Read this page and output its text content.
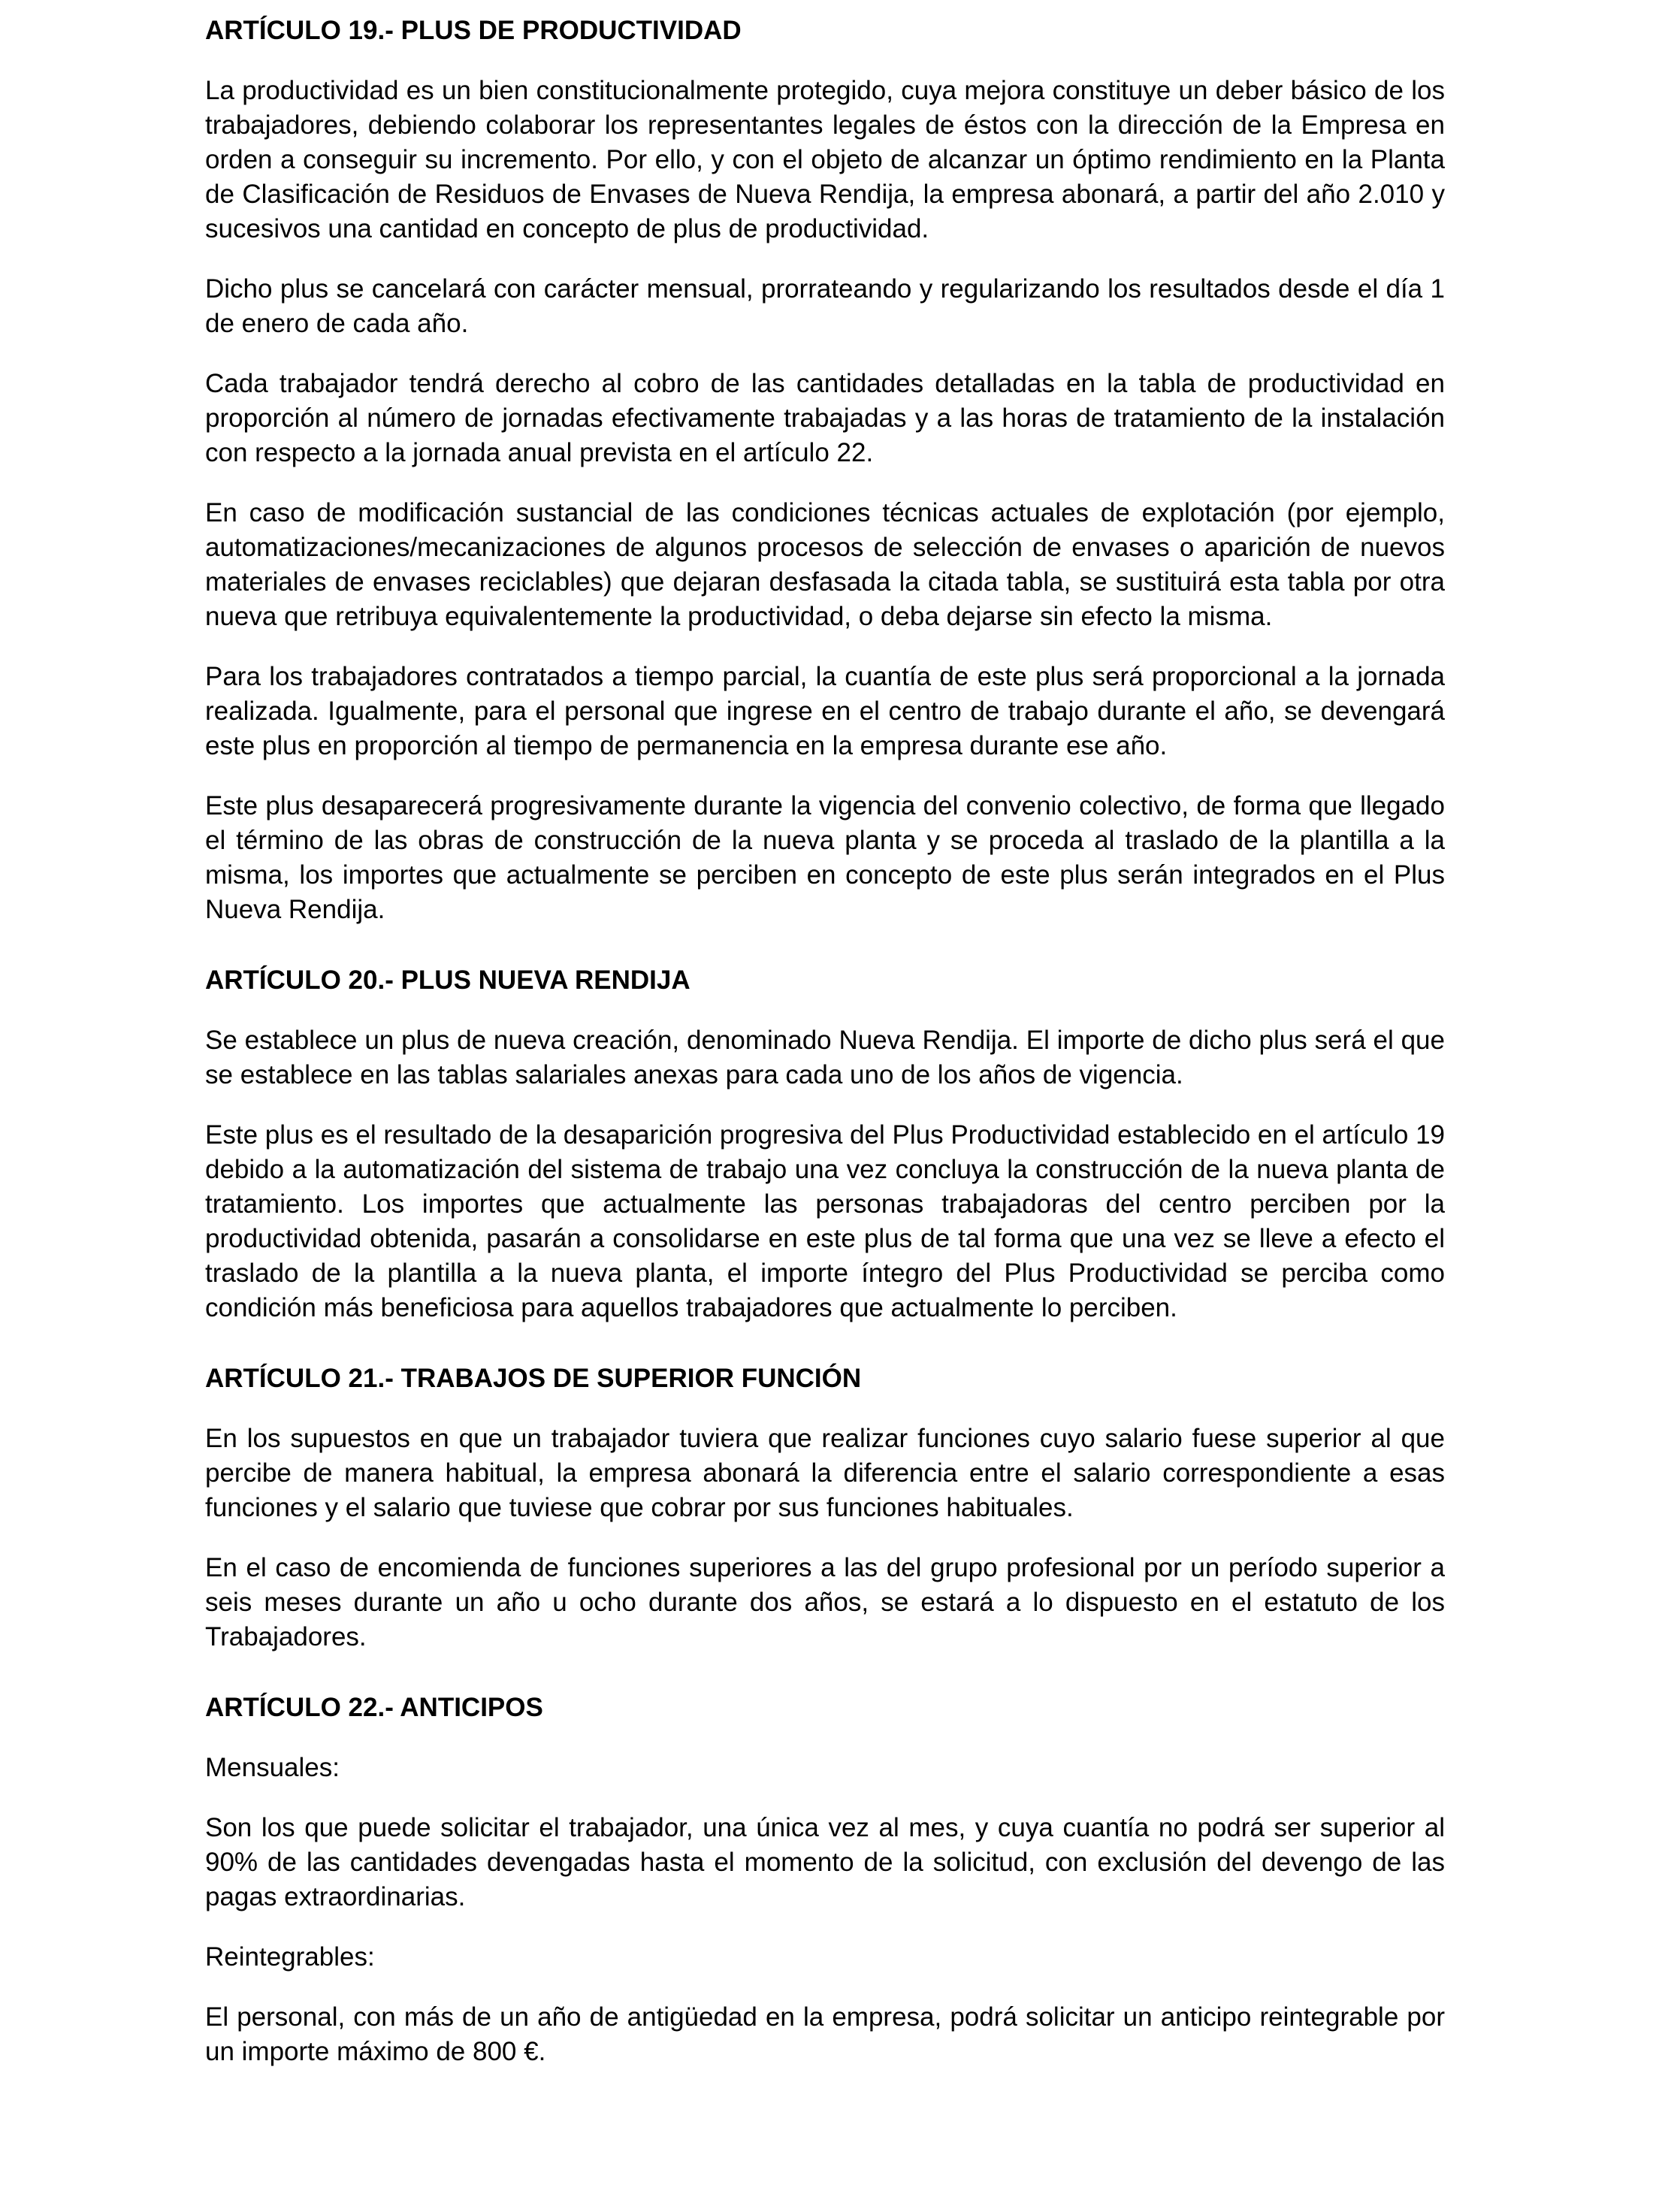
ARTÍCULO 19.- PLUS DE PRODUCTIVIDAD

La productividad es un bien constitucionalmente protegido, cuya mejora constituye un deber básico de los trabajadores, debiendo colaborar los representantes legales de éstos con la dirección de la Empresa en orden a conseguir su incremento. Por ello, y con el objeto de alcanzar un óptimo rendimiento en la Planta de Clasificación de Residuos de Envases de Nueva Rendija, la empresa abonará, a partir del año 2.010 y sucesivos una cantidad en concepto de plus de productividad.

Dicho plus se cancelará con carácter mensual, prorrateando y regularizando los resultados desde el día 1 de enero de cada año.

Cada trabajador tendrá derecho al cobro de las cantidades detalladas en la tabla de productividad en proporción al número de jornadas efectivamente trabajadas y a las horas de tratamiento de la instalación con respecto a la jornada anual prevista en el artículo 22.

En caso de modificación sustancial de las condiciones técnicas actuales de explotación (por ejemplo, automatizaciones/mecanizaciones de algunos procesos de selección de envases o aparición de nuevos materiales de envases reciclables) que dejaran desfasada la citada tabla, se sustituirá esta tabla por otra nueva que retribuya equivalentemente la productividad, o deba dejarse sin efecto la misma.

Para los trabajadores contratados a tiempo parcial, la cuantía de este plus será proporcional a la jornada realizada. Igualmente, para el personal que ingrese en el centro de trabajo durante el año, se devengará este plus en proporción al tiempo de permanencia en la empresa durante ese año.

Este plus desaparecerá progresivamente durante la vigencia del convenio colectivo, de forma que llegado el término de las obras de construcción de la nueva planta y se proceda al traslado de la plantilla a la misma, los importes que actualmente se perciben en concepto de este plus serán integrados en el Plus Nueva Rendija.

ARTÍCULO 20.- PLUS NUEVA RENDIJA

Se establece un plus de nueva creación, denominado Nueva Rendija. El importe de dicho plus será el que se establece en las tablas salariales anexas para cada uno de los años de vigencia.

Este plus es el resultado de la desaparición progresiva del Plus Productividad establecido en el artículo 19 debido a la automatización del sistema de trabajo una vez concluya la construcción de la nueva planta de tratamiento. Los importes que actualmente las personas trabajadoras del centro perciben por la productividad obtenida, pasarán a consolidarse en este plus de tal forma que una vez se lleve a efecto el traslado de la plantilla a la nueva planta, el importe íntegro del Plus Productividad se perciba como condición más beneficiosa para aquellos trabajadores que actualmente lo perciben.

ARTÍCULO 21.- TRABAJOS DE SUPERIOR FUNCIÓN

En los supuestos en que un trabajador tuviera que realizar funciones cuyo salario fuese superior al que percibe de manera habitual, la empresa abonará la diferencia entre el salario correspondiente a esas funciones y el salario que tuviese que cobrar por sus funciones habituales.

En el caso de encomienda de funciones superiores a las del grupo profesional por un período superior a seis meses durante un año u ocho durante dos años, se estará a lo dispuesto en el estatuto de los Trabajadores.

ARTÍCULO 22.- ANTICIPOS

Mensuales:

Son los que puede solicitar el trabajador, una única vez al mes, y cuya cuantía no podrá ser superior al 90% de las cantidades devengadas hasta el momento de la solicitud, con exclusión del devengo de las pagas extraordinarias.

Reintegrables:

El personal, con más de un año de antigüedad en la empresa, podrá solicitar un anticipo reintegrable por un importe máximo de 800 €.
